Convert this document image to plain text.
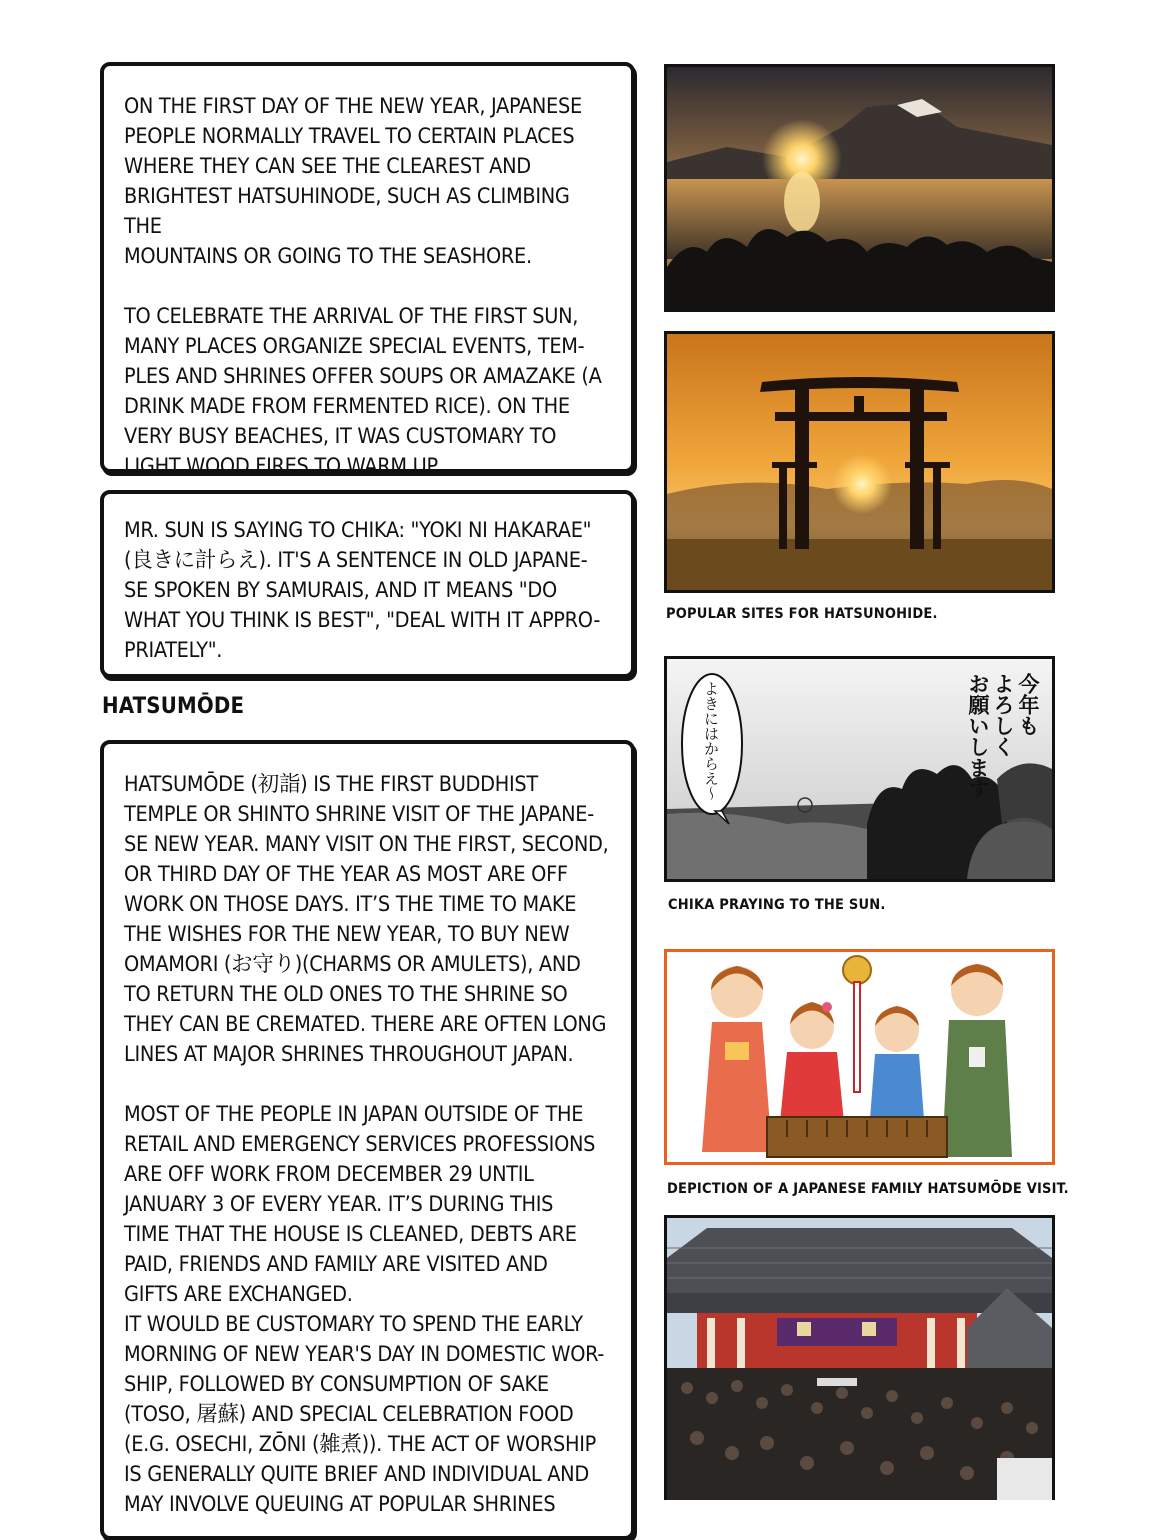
ON THE FIRST DAY OF THE NEW YEAR, JAPANESE
PEOPLE NORMALLY TRAVEL TO CERTAIN PLACES
WHERE THEY CAN SEE THE CLEAREST AND
BRIGHTEST HATSUHINODE, SUCH AS CLIMBING THE
MOUNTAINS OR GOING TO THE SEASHORE.

TO CELEBRATE THE ARRIVAL OF THE FIRST SUN,
MANY PLACES ORGANIZE SPECIAL EVENTS, TEM-
PLES AND SHRINES OFFER SOUPS OR AMAZAKE (A
DRINK MADE FROM FERMENTED RICE). ON THE
VERY BUSY BEACHES, IT WAS CUSTOMARY TO
LIGHT WOOD FIRES TO WARM UP.

MR. SUN IS SAYING TO CHIKA: "YOKI NI HAKARAE"
(良きに計らえ). IT'S A SENTENCE IN OLD JAPANE-
SE SPOKEN BY SAMURAIS, AND IT MEANS "DO
WHAT YOU THINK IS BEST", "DEAL WITH IT APPRO-
PRIATELY".

HATSUMŌDE

HATSUMŌDE (初詣) IS THE FIRST BUDDHIST
TEMPLE OR SHINTO SHRINE VISIT OF THE JAPANE-
SE NEW YEAR. MANY VISIT ON THE FIRST, SECOND,
OR THIRD DAY OF THE YEAR AS MOST ARE OFF
WORK ON THOSE DAYS. IT’S THE TIME TO MAKE
THE WISHES FOR THE NEW YEAR, TO BUY NEW
OMAMORI (お守り)(CHARMS OR AMULETS), AND
TO RETURN THE OLD ONES TO THE SHRINE SO
THEY CAN BE CREMATED. THERE ARE OFTEN LONG
LINES AT MAJOR SHRINES THROUGHOUT JAPAN.

MOST OF THE PEOPLE IN JAPAN OUTSIDE OF THE
RETAIL AND EMERGENCY SERVICES PROFESSIONS
ARE OFF WORK FROM DECEMBER 29 UNTIL
JANUARY 3 OF EVERY YEAR. IT’S DURING THIS
TIME THAT THE HOUSE IS CLEANED, DEBTS ARE
PAID, FRIENDS AND FAMILY ARE VISITED AND
GIFTS ARE EXCHANGED.
IT WOULD BE CUSTOMARY TO SPEND THE EARLY
MORNING OF NEW YEAR'S DAY IN DOMESTIC WOR-
SHIP, FOLLOWED BY CONSUMPTION OF SAKE
(TOSO, 屠蘇) AND SPECIAL CELEBRATION FOOD
(E.G. OSECHI, ZŌNI (雑煮)). THE ACT OF WORSHIP
IS GENERALLY QUITE BRIEF AND INDIVIDUAL AND
MAY INVOLVE QUEUING AT POPULAR SHRINES

POPULAR SITES FOR HATSUNOHIDE.
よきにはからえ〜	今年も
よろしく
お願いします
CHIKA PRAYING TO THE SUN.
DEPICTION OF A JAPANESE FAMILY HATSUMŌDE VISIT.
